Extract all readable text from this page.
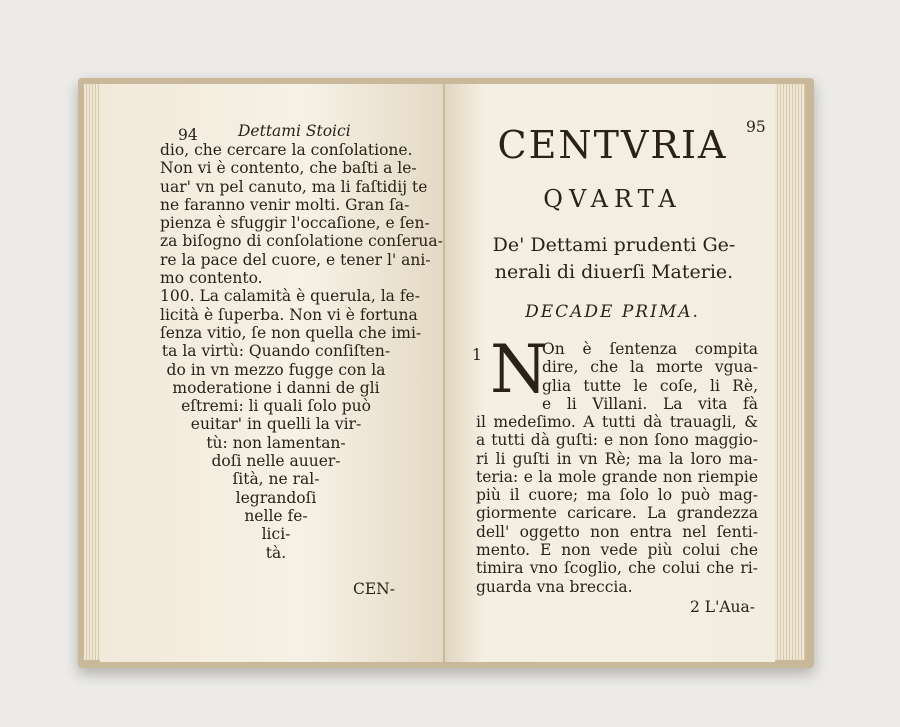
94	Dettami Stoici
dio, che cercare la conſolatione.
Non vi è contento, che baſti a le-
uar' vn pel canuto, ma li faſtidij te
ne faranno venir molti. Gran ſa-
pienza è sfuggir l'occaſione, e ſen-
za biſogno di conſolatione conſerua-
re la pace del cuore, e tener l' ani-
mo contento.
100. La calamità è querula, la fe-
licità è ſuperba. Non vi è fortuna
ſenza vitio, ſe non quella che imi-
ta la virtù: Quando conſiſten-
do in vn mezzo fugge con la
moderatione i danni de gli
eſtremi: li quali ſolo può
euitar' in quelli la vir-
tù: non lamentan-
doſi nelle auuer-
ſità, ne ral-
legrandoſi
nelle fe-
lici-
tà.
CEN-
95
CENTVRIA
QVARTA
De' Dettami prudenti Ge-
nerali di diuerſi Materie.
DECADE PRIMA.
1 N
On è ſentenza compita
dire, che la morte vgua-
glia tutte le coſe, li Rè,
e li Villani. La vita fà
il medeſimo. A tutti dà trauagli, &
a tutti dà guſti: e non ſono maggio-
ri li guſti in vn Rè; ma la loro ma-
teria: e la mole grande non riempie
più il cuore; ma ſolo lo può mag-
giormente caricare. La grandezza
dell' oggetto non entra nel ſenti-
mento. E non vede più colui che
timira vno ſcoglio, che colui che ri-
guarda vna breccia.
2 L'Aua-
